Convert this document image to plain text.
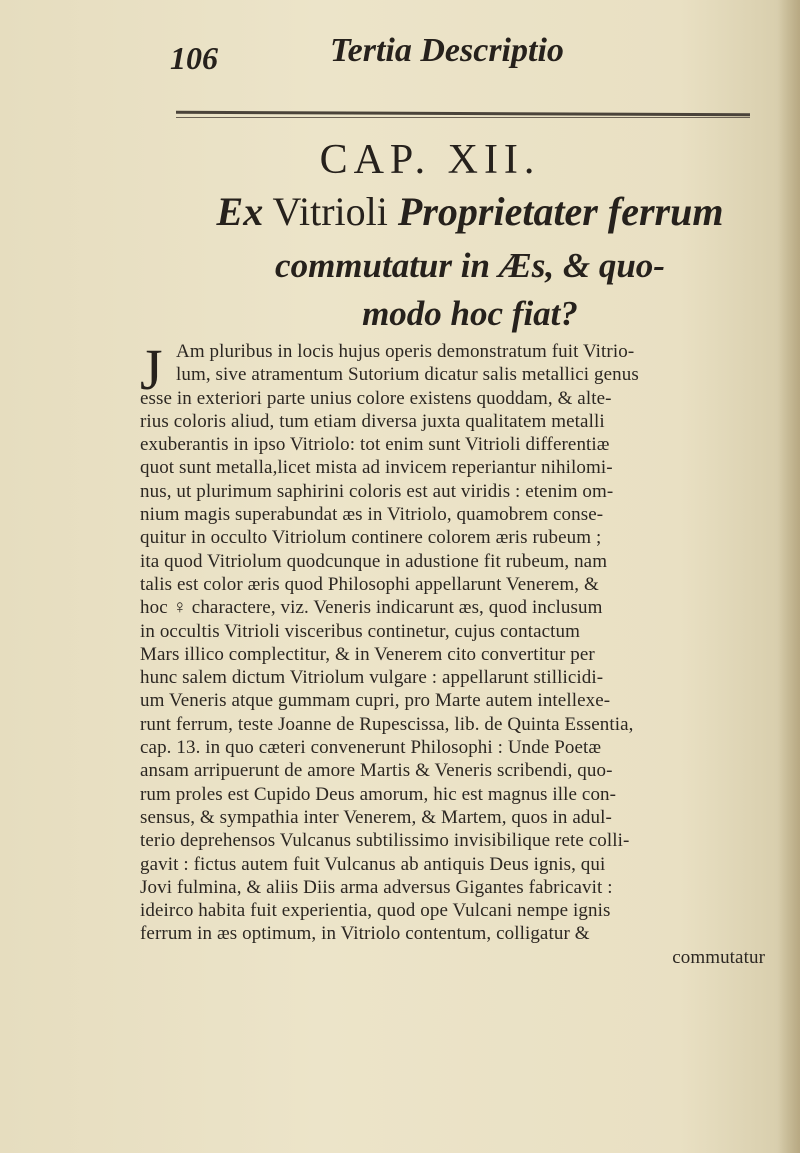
106	Tertia Descriptio
CAP. XII.
Ex Vitrioli Proprietater ferrum
commutatur in Æs, & quo-
modo hoc fiat?
J Am pluribus in locis hujus operis demonstratum fuit Vitrio-
lum, sive atramentum Sutorium dicatur salis metallici genus
esse in exteriori parte unius colore existens quoddam, & alte-
rius coloris aliud, tum etiam diversa juxta qualitatem metalli
exuberantis in ipso Vitriolo: tot enim sunt Vitrioli differentiæ
quot sunt metalla,licet mista ad invicem reperiantur nihilomi-
nus, ut plurimum saphirini coloris est aut viridis : etenim om-
nium magis superabundat æs in Vitriolo, quamobrem conse-
quitur in occulto Vitriolum continere colorem æris rubeum ;
ita quod Vitriolum quodcunque in adustione fit rubeum, nam
talis est color æris quod Philosophi appellarunt Venerem, &
hoc ♀ charactere, viz. Veneris indicarunt æs, quod inclusum
in occultis Vitrioli visceribus continetur, cujus contactum
Mars illico complectitur, & in Venerem cito convertitur per
hunc salem dictum Vitriolum vulgare : appellarunt stillicidi-
um Veneris atque gummam cupri, pro Marte autem intellexe-
runt ferrum, teste Joanne de Rupescissa, lib. de Quinta Essentia,
cap. 13. in quo cæteri convenerunt Philosophi : Unde Poetæ
ansam arripuerunt de amore Martis & Veneris scribendi, quo-
rum proles est Cupido Deus amorum, hic est magnus ille con-
sensus, & sympathia inter Venerem, & Martem, quos in adul-
terio deprehensos Vulcanus subtilissimo invisibilique rete colli-
gavit : fictus autem fuit Vulcanus ab antiquis Deus ignis, qui
Jovi fulmina, & aliis Diis arma adversus Gigantes fabricavit :
ideirco habita fuit experientia, quod ope Vulcani nempe ignis
ferrum in æs optimum, in Vitriolo contentum, colligatur &
commutatur
